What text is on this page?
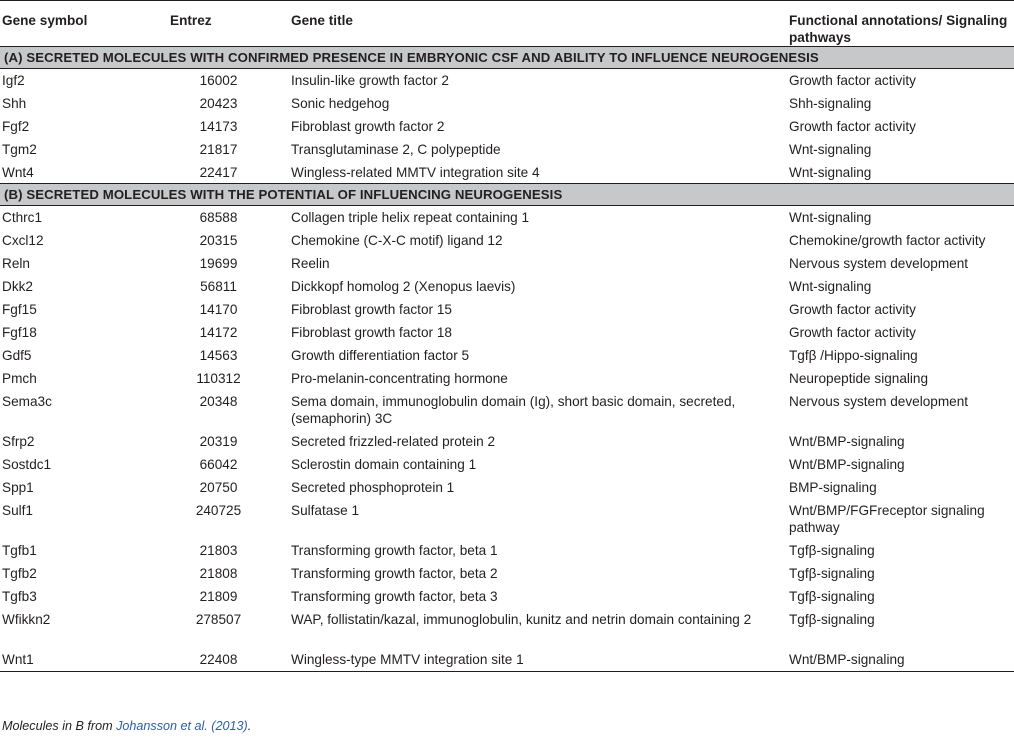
Gene symbol	Entrez	Gene title	Functional annotations/ Signaling pathways
(A) SECRETED MOLECULES WITH CONFIRMED PRESENCE IN EMBRYONIC CSF AND ABILITY TO INFLUENCE NEUROGENESIS			
Igf2	16002	Insulin-like growth factor 2	Growth factor activity
Shh	20423	Sonic hedgehog	Shh-signaling
Fgf2	14173	Fibroblast growth factor 2	Growth factor activity
Tgm2	21817	Transglutaminase 2, C polypeptide	Wnt-signaling
Wnt4	22417	Wingless-related MMTV integration site 4	Wnt-signaling
(B) SECRETED MOLECULES WITH THE POTENTIAL OF INFLUENCING NEUROGENESIS			
Cthrc1	68588	Collagen triple helix repeat containing 1	Wnt-signaling
Cxcl12	20315	Chemokine (C-X-C motif) ligand 12	Chemokine/growth factor activity
Reln	19699	Reelin	Nervous system development
Dkk2	56811	Dickkopf homolog 2 (Xenopus laevis)	Wnt-signaling
Fgf15	14170	Fibroblast growth factor 15	Growth factor activity
Fgf18	14172	Fibroblast growth factor 18	Growth factor activity
Gdf5	14563	Growth differentiation factor 5	Tgfβ /Hippo-signaling
Pmch	110312	Pro-melanin-concentrating hormone	Neuropeptide signaling
Sema3c	20348	Sema domain, immunoglobulin domain (Ig), short basic domain, secreted, (semaphorin) 3C	Nervous system development
Sfrp2	20319	Secreted frizzled-related protein 2	Wnt/BMP-signaling
Sostdc1	66042	Sclerostin domain containing 1	Wnt/BMP-signaling
Spp1	20750	Secreted phosphoprotein 1	BMP-signaling
Sulf1	240725	Sulfatase 1	Wnt/BMP/FGFreceptor signaling pathway
Tgfb1	21803	Transforming growth factor, beta 1	Tgfβ-signaling
Tgfb2	21808	Transforming growth factor, beta 2	Tgfβ-signaling
Tgfb3	21809	Transforming growth factor, beta 3	Tgfβ-signaling
Wfikkn2	278507	WAP, follistatin/kazal, immunoglobulin, kunitz and netrin domain containing 2	Tgfβ-signaling
Wnt1	22408	Wingless-type MMTV integration site 1	Wnt/BMP-signaling
Molecules in B from Johansson et al. (2013).
